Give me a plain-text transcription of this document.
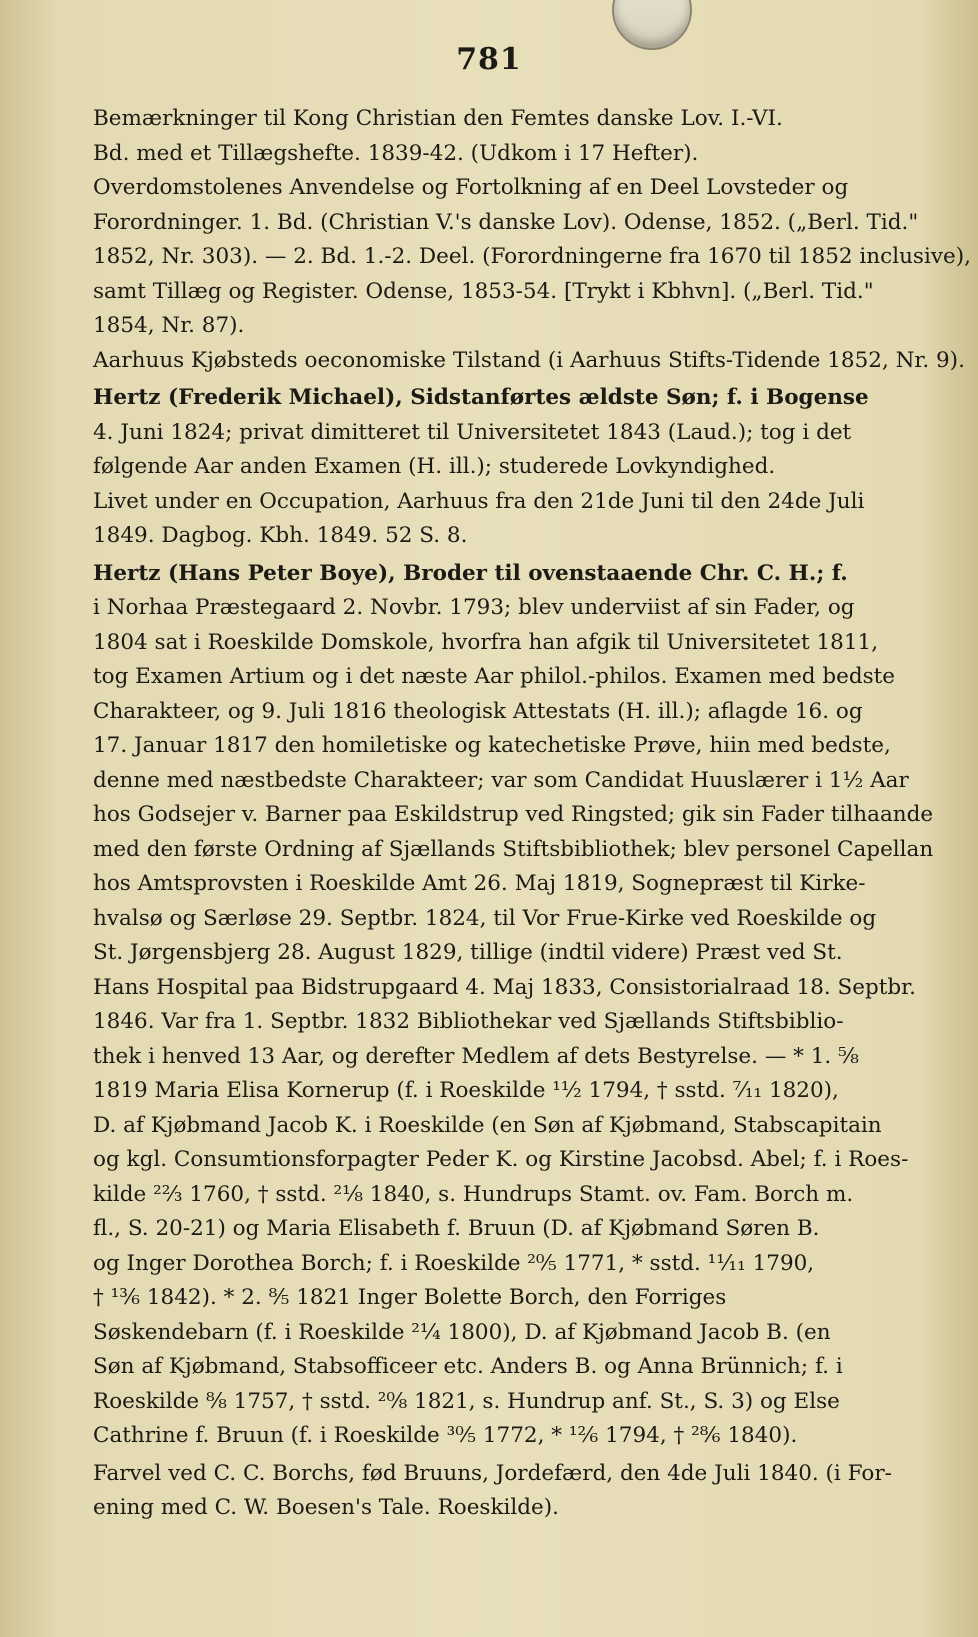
781
Bemærkninger til Kong Christian den Femtes danske Lov. I.-VI.
Bd. med et Tillægshefte. 1839-42. (Udkom i 17 Hefter).
Overdomstolenes Anvendelse og Fortolkning af en Deel Lovsteder og
Forordninger. 1. Bd. (Christian V.'s danske Lov). Odense, 1852. („Berl. Tid."
1852, Nr. 303). — 2. Bd. 1.-2. Deel. (Forordningerne fra 1670 til 1852 inclusive),
samt Tillæg og Register. Odense, 1853-54. [Trykt i Kbhvn]. („Berl. Tid."
1854, Nr. 87).
Aarhuus Kjøbsteds oeconomiske Tilstand (i Aarhuus Stifts-Tidende 1852, Nr. 9).
Hertz (Frederik Michael), Sidstanførtes ældste Søn; f. i Bogense
4. Juni 1824; privat dimitteret til Universitetet 1843 (Laud.); tog i det
følgende Aar anden Examen (H. ill.); studerede Lovkyndighed.
Livet under en Occupation, Aarhuus fra den 21de Juni til den 24de Juli
1849. Dagbog. Kbh. 1849. 52 S. 8.
Hertz (Hans Peter Boye), Broder til ovenstaaende Chr. C. H.; f.
i Norhaa Præstegaard 2. Novbr. 1793; blev underviist af sin Fader, og
1804 sat i Roeskilde Domskole, hvorfra han afgik til Universitetet 1811,
tog Examen Artium og i det næste Aar philol.-philos. Examen med bedste
Charakteer, og 9. Juli 1816 theologisk Attestats (H. ill.); aflagde 16. og
17. Januar 1817 den homiletiske og katechetiske Prøve, hiin med bedste,
denne med næstbedste Charakteer; var som Candidat Huuslærer i 1½ Aar
hos Godsejer v. Barner paa Eskildstrup ved Ringsted; gik sin Fader tilhaande
med den første Ordning af Sjællands Stiftsbibliothek; blev personel Capellan
hos Amtsprovsten i Roeskilde Amt 26. Maj 1819, Sognepræst til Kirke-
hvalsø og Særløse 29. Septbr. 1824, til Vor Frue-Kirke ved Roeskilde og
St. Jørgensbjerg 28. August 1829, tillige (indtil videre) Præst ved St.
Hans Hospital paa Bidstrupgaard 4. Maj 1833, Consistorialraad 18. Septbr.
1846. Var fra 1. Septbr. 1832 Bibliothekar ved Sjællands Stiftsbiblio-
thek i henved 13 Aar, og derefter Medlem af dets Bestyrelse. — * 1. ⁵⁄₈
1819 Maria Elisa Kornerup (f. i Roeskilde ¹¹⁄₂ 1794, † sstd. ⁷⁄₁₁ 1820),
D. af Kjøbmand Jacob K. i Roeskilde (en Søn af Kjøbmand, Stabscapitain
og kgl. Consumtionsforpagter Peder K. og Kirstine Jacobsd. Abel; f. i Roes-
kilde ²²⁄₃ 1760, † sstd. ²¹⁄₈ 1840, s. Hundrups Stamt. ov. Fam. Borch m.
fl., S. 20-21) og Maria Elisabeth f. Bruun (D. af Kjøbmand Søren B.
og Inger Dorothea Borch; f. i Roeskilde ²⁰⁄₅ 1771, * sstd. ¹¹⁄₁₁ 1790,
† ¹³⁄₆ 1842). * 2. ⁸⁄₅ 1821 Inger Bolette Borch, den Forriges
Søskendebarn (f. i Roeskilde ²¹⁄₄ 1800), D. af Kjøbmand Jacob B. (en
Søn af Kjøbmand, Stabsofficeer etc. Anders B. og Anna Brünnich; f. i
Roeskilde ⁸⁄₈ 1757, † sstd. ²⁰⁄₈ 1821, s. Hundrup anf. St., S. 3) og Else
Cathrine f. Bruun (f. i Roeskilde ³⁰⁄₅ 1772, * ¹²⁄₆ 1794, † ²⁸⁄₆ 1840).
Farvel ved C. C. Borchs, fød Bruuns, Jordefærd, den 4de Juli 1840. (i For-
ening med C. W. Boesen's Tale. Roeskilde).
